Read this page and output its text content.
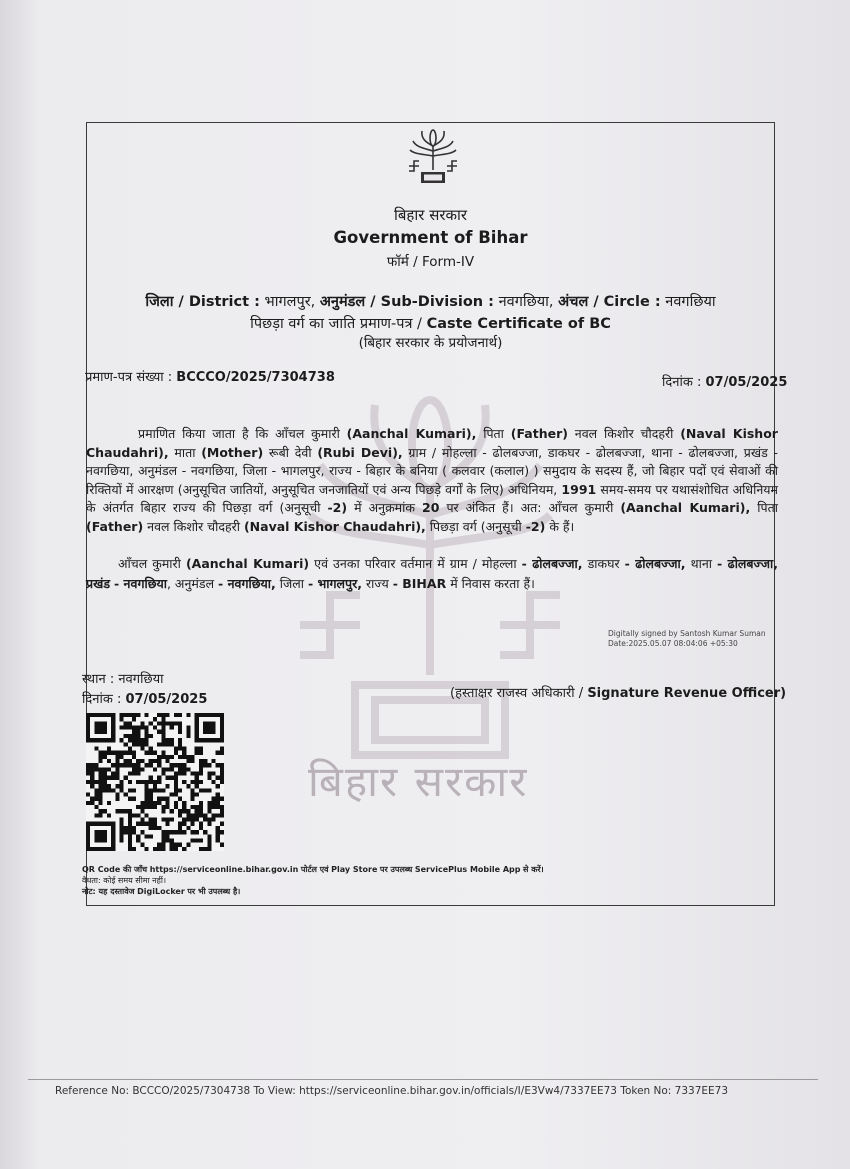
बिहार सरकार
बिहार सरकार
Government of Bihar
फॉर्म / Form-IV
जिला / District : भागलपुर, अनुमंडल / Sub-Division : नवगछिया, अंचल / Circle : नवगछिया
पिछड़ा वर्ग का जाति प्रमाण-पत्र / Caste Certificate of BC
(बिहार सरकार के प्रयोजनार्थ)
प्रमाण-पत्र संख्या : BCCCO/2025/7304738	दिनांक : 07/05/2025
प्रमाणित किया जाता है कि आँचल कुमारी (Aanchal Kumari), पिता (Father) नवल किशोर चौदहरी (Naval Kishor Chaudahri), माता (Mother) रूबी देवी (Rubi Devi), ग्राम / मोहल्ला - ढोलबज्जा, डाकघर - ढोलबज्जा, थाना - ढोलबज्जा, प्रखंड - नवगछिया, अनुमंडल - नवगछिया, जिला - भागलपुर, राज्य - बिहार के बनिया ( कलवार (कलाल) ) समुदाय के सदस्य हैं, जो बिहार पदों एवं सेवाओं की रिक्तियों में आरक्षण (अनुसूचित जातियों, अनुसूचित जनजातियों एवं अन्य पिछड़े वर्गों के लिए) अधिनियम, 1991 समय-समय पर यथासंशोधित अधिनियम के अंतर्गत बिहार राज्य की पिछड़ा वर्ग (अनुसूची -2) में अनुक्रमांक 20 पर अंकित हैं। अत: आँचल कुमारी (Aanchal Kumari), पिता (Father) नवल किशोर चौदहरी (Naval Kishor Chaudahri), पिछड़ा वर्ग (अनुसूची -2) के हैं।
आँचल कुमारी (Aanchal Kumari) एवं उनका परिवार वर्तमान में ग्राम / मोहल्ला - ढोलबज्जा, डाकघर - ढोलबज्जा, थाना - ढोलबज्जा, प्रखंड - नवगछिया, अनुमंडल - नवगछिया, जिला - भागलपुर, राज्य - BIHAR में निवास करता हैं।
Digitally signed by Santosh Kumar Suman
Date:2025.05.07 08:04:06 +05:30
स्थान : नवगछिया
दिनांक : 07/05/2025	(हस्ताक्षर राजस्व अधिकारी / Signature Revenue Officer)
QR Code की जाँच https://serviceonline.bihar.gov.in पोर्टल एवं Play Store पर उपलब्ध ServicePlus Mobile App से करें।
वैधता: कोई समय सीमा नहीं।
नोट: यह दस्तावेज DigiLocker पर भी उपलब्ध है।
Reference No: BCCCO/2025/7304738 To View: https://serviceonline.bihar.gov.in/officials/I/E3Vw4/7337EE73 Token No: 7337EE73
